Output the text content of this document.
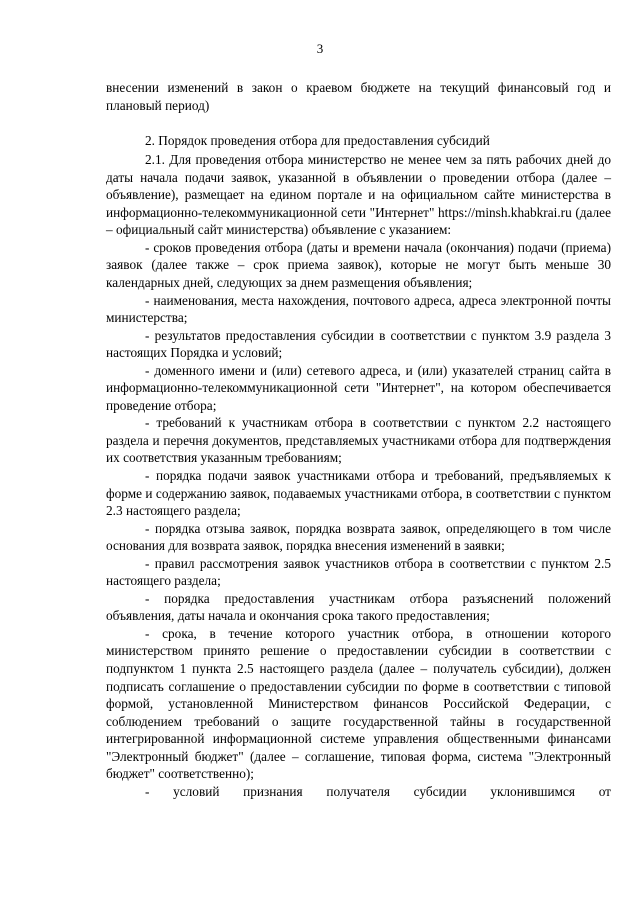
3

внесении изменений в закон о краевом бюджете на текущий финансовый год и плановый период)

2. Порядок проведения отбора для предоставления субсидий

2.1. Для проведения отбора министерство не менее чем за пять рабочих дней до даты начала подачи заявок, указанной в объявлении о проведении отбора (далее – объявление), размещает на едином портале и на официальном сайте министерства в информационно-телекоммуникационной сети "Интернет" https://minsh.khabkrai.ru (далее – официальный сайт министерства) объявление с указанием:

- сроков проведения отбора (даты и времени начала (окончания) подачи (приема) заявок (далее также – срок приема заявок), которые не могут быть меньше 30 календарных дней, следующих за днем размещения объявления;

- наименования, места нахождения, почтового адреса, адреса электронной почты министерства;

- результатов предоставления субсидии в соответствии с пунктом 3.9 раздела 3 настоящих Порядка и условий;

- доменного имени и (или) сетевого адреса, и (или) указателей страниц сайта в информационно-телекоммуникационной сети "Интернет", на котором обеспечивается проведение отбора;

- требований к участникам отбора в соответствии с пунктом 2.2 настоящего раздела и перечня документов, представляемых участниками отбора для подтверждения их соответствия указанным требованиям;

- порядка подачи заявок участниками отбора и требований, предъявляемых к форме и содержанию заявок, подаваемых участниками отбора, в соответствии с пунктом 2.3 настоящего раздела;

- порядка отзыва заявок, порядка возврата заявок, определяющего в том числе основания для возврата заявок, порядка внесения изменений в заявки;

- правил рассмотрения заявок участников отбора в соответствии с пунктом 2.5 настоящего раздела;

- порядка предоставления участникам отбора разъяснений положений объявления, даты начала и окончания срока такого предоставления;

- срока, в течение которого участник отбора, в отношении которого министерством принято решение о предоставлении субсидии в соответствии с подпунктом 1 пункта 2.5 настоящего раздела (далее – получатель субсидии), должен подписать соглашение о предоставлении субсидии по форме в соответствии с типовой формой, установленной Министерством финансов Российской Федерации, с соблюдением требований о защите государственной тайны в государственной интегрированной информационной системе управления общественными финансами "Электронный бюджет" (далее – соглашение, типовая форма, система "Электронный бюджет" соответственно);

- условий признания получателя субсидии уклонившимся от
